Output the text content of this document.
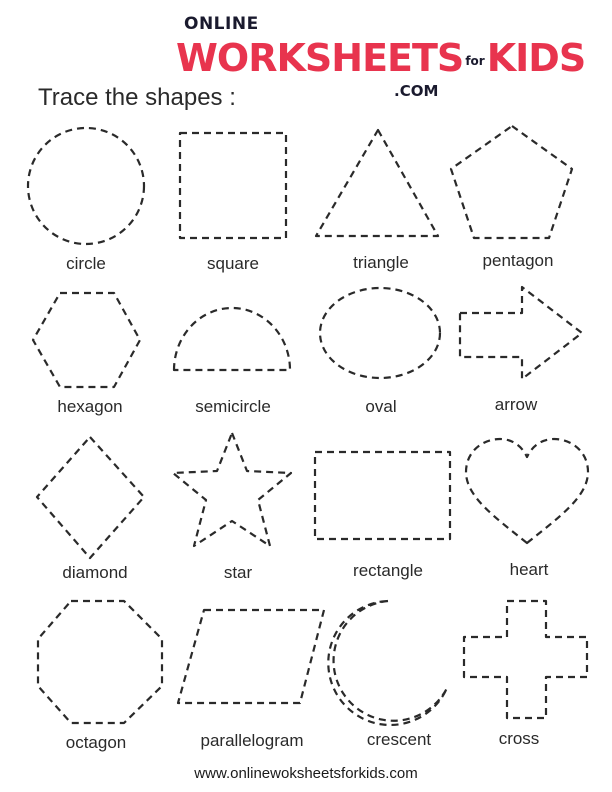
ONLINE
WORKSHEETS forKIDS
.COM
Trace the shapes :
circle	square	triangle	pentagon
hexagon	semicircle	oval	arrow
diamond	star	rectangle	heart
octagon	parallelogram	crescent	cross
www.onlinewoksheetsforkids.com
